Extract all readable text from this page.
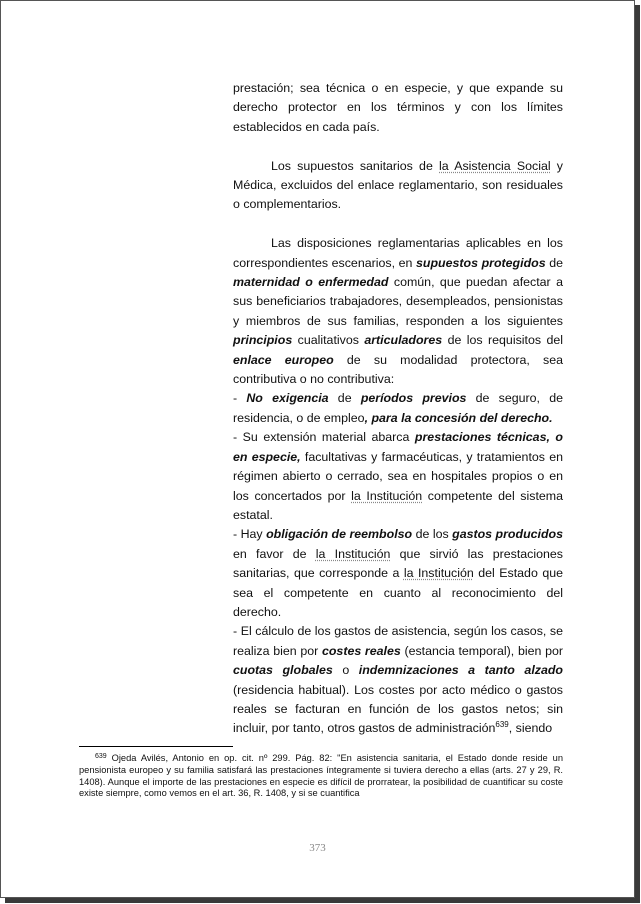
prestación; sea técnica o en especie, y que expande su derecho protector en los términos y con los límites establecidos en cada país.

Los supuestos sanitarios de la Asistencia Social y Médica, excluidos del enlace reglamentario, son residuales o complementarios.

Las disposiciones reglamentarias aplicables en los correspondientes escenarios, en supuestos protegidos de maternidad o enfermedad común, que puedan afectar a sus beneficiarios trabajadores, desempleados, pensionistas y miembros de sus familias, responden a los siguientes principios cualitativos articuladores de los requisitos del enlace europeo de su modalidad protectora, sea contributiva o no contributiva:

- No exigencia de períodos previos de seguro, de residencia, o de empleo, para la concesión del derecho.

- Su extensión material abarca prestaciones técnicas, o en especie, facultativas y farmacéuticas, y tratamientos en régimen abierto o cerrado, sea en hospitales propios o en los concertados por la Institución competente del sistema estatal.

- Hay obligación de reembolso de los gastos producidos en favor de la Institución que sirvió las prestaciones sanitarias, que corresponde a la Institución del Estado que sea el competente en cuanto al reconocimiento del derecho.

- El cálculo de los gastos de asistencia, según los casos, se realiza bien por costes reales (estancia temporal), bien por cuotas globales o indemnizaciones a tanto alzado (residencia habitual). Los costes por acto médico o gastos reales se facturan en función de los gastos netos; sin incluir, por tanto, otros gastos de administración$^{639}$, siendo

$^{639}$ Ojeda Avilés, Antonio en op. cit. nº 299. Pág. 82: "En asistencia sanitaria, el Estado donde reside un pensionista europeo y su familia satisfará las prestaciones íntegramente si tuviera derecho a ellas (arts. 27 y 29, R. 1408). Aunque el importe de las prestaciones en especie es difícil de prorratear, la posibilidad de cuantificar su coste existe siempre, como vemos en el art. 36, R. 1408, y si se cuantifica
373
